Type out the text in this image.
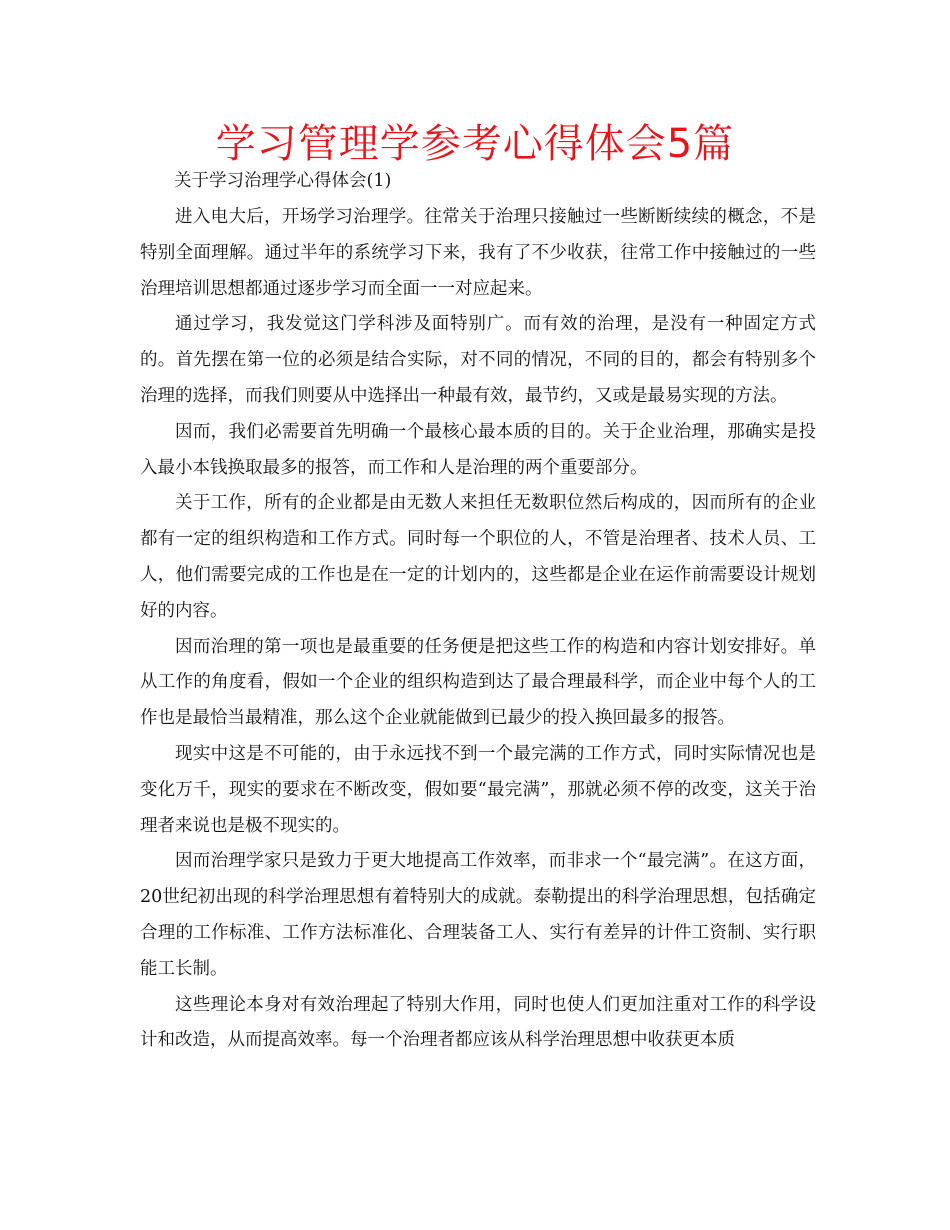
学习管理学参考心得体会5篇
关于学习治理学心得体会(1)

进入电大后，开场学习治理学。往常关于治理只接触过一些断断续续的概念，不是特别全面理解。通过半年的系统学习下来，我有了不少收获，往常工作中接触过的一些治理培训思想都通过逐步学习而全面一一对应起来。

通过学习，我发觉这门学科涉及面特别广。而有效的治理，是没有一种固定方式的。首先摆在第一位的必须是结合实际，对不同的情况，不同的目的，都会有特别多个治理的选择，而我们则要从中选择出一种最有效，最节约，又或是最易实现的方法。

因而，我们必需要首先明确一个最核心最本质的目的。关于企业治理，那确实是投入最小本钱换取最多的报答，而工作和人是治理的两个重要部分。

关于工作，所有的企业都是由无数人来担任无数职位然后构成的，因而所有的企业都有一定的组织构造和工作方式。同时每一个职位的人，不管是治理者、技术人员、工人，他们需要完成的工作也是在一定的计划内的，这些都是企业在运作前需要设计规划好的内容。

因而治理的第一项也是最重要的任务便是把这些工作的构造和内容计划安排好。单从工作的角度看，假如一个企业的组织构造到达了最合理最科学，而企业中每个人的工作也是最恰当最精准，那么这个企业就能做到已最少的投入换回最多的报答。

现实中这是不可能的，由于永远找不到一个最完满的工作方式，同时实际情况也是变化万千，现实的要求在不断改变，假如要“最完满”，那就必须不停的改变，这关于治理者来说也是极不现实的。

因而治理学家只是致力于更大地提高工作效率，而非求一个“最完满”。在这方面，20世纪初出现的科学治理思想有着特别大的成就。泰勒提出的科学治理思想，包括确定合理的工作标准、工作方法标准化、合理装备工人、实行有差异的计件工资制、实行职能工长制。

这些理论本身对有效治理起了特别大作用，同时也使人们更加注重对工作的科学设计和改造，从而提高效率。每一个治理者都应该从科学治理思想中收获更本质
